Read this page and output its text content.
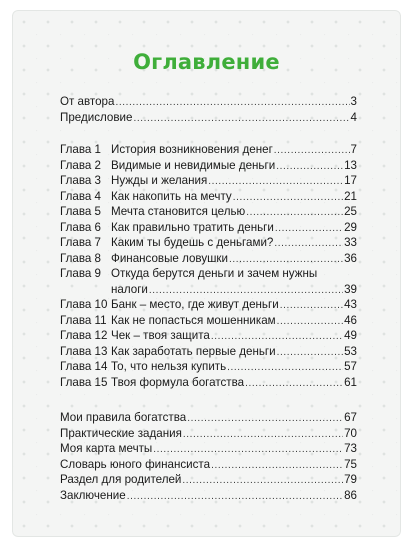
Оглавление
От автора .....	3
Предисловие .....	4
Глава 1 История возникновения денег .....	7
Глава 2 Видимые и невидимые деньги .....	13
Глава 3 Нужды и желания .....	17
Глава 4 Как накопить на мечту .....	21
Глава 5 Мечта становится целью .....	25
Глава 6 Как правильно тратить деньги .....	29
Глава 7 Каким ты будешь с деньгами? .....	33
Глава 8 Финансовые ловушки .....	36
Глава 9 Откуда берутся деньги и зачем нужны
налоги .....	39
Глава 10 Банк – место, где живут деньги .....	43
Глава 11 Как не попасться мошенникам .....	46
Глава 12 Чек – твоя защита .....	49
Глава 13 Как заработать первые деньги .....	53
Глава 14 То, что нельзя купить .....	57
Глава 15 Твоя формула богатства .....	61
Мои правила богатства .....	67
Практические задания .....	70
Моя карта мечты .....	73
Словарь юного финансиста .....	75
Раздел для родителей .....	79
Заключение .....	86
